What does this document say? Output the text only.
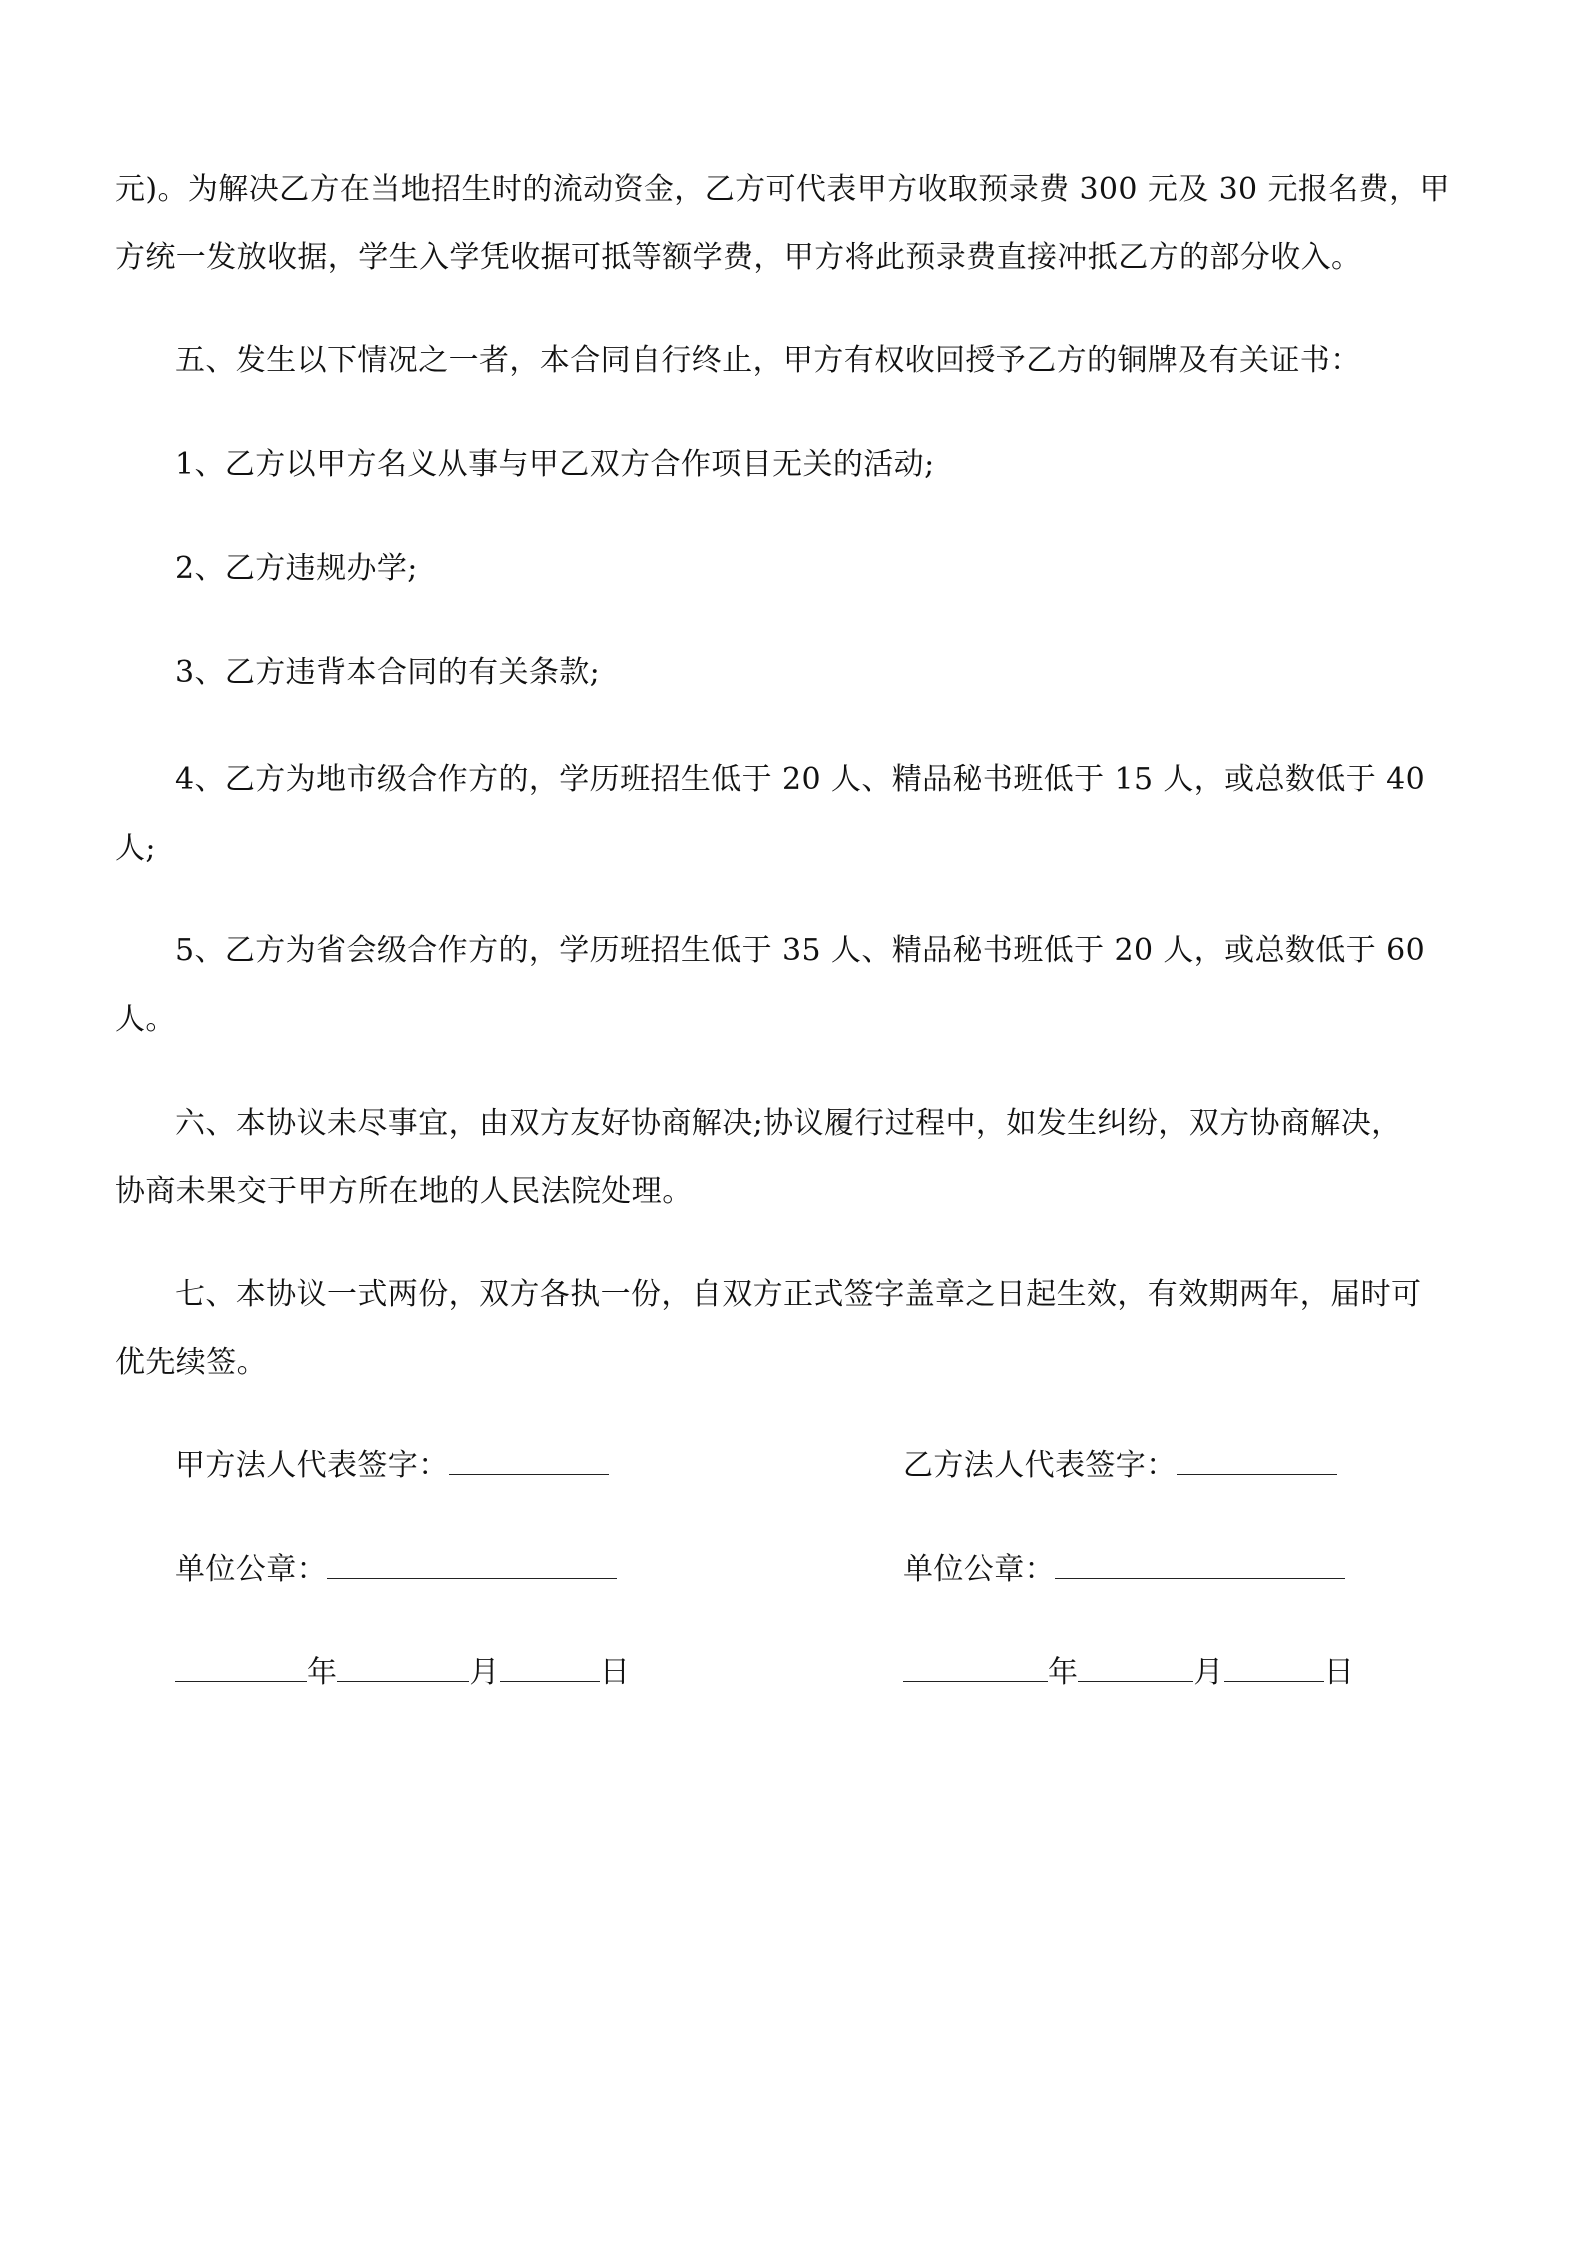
元)。为解决乙方在当地招生时的流动资金，乙方可代表甲方收取预录费 300 元及 30 元报名费，甲
方统一发放收据，学生入学凭收据可抵等额学费，甲方将此预录费直接冲抵乙方的部分收入。
五、发生以下情况之一者，本合同自行终止，甲方有权收回授予乙方的铜牌及有关证书：
1、乙方以甲方名义从事与甲乙双方合作项目无关的活动;
2、乙方违规办学;
3、乙方违背本合同的有关条款;
4、乙方为地市级合作方的，学历班招生低于 20 人、精品秘书班低于 15 人，或总数低于 40
人;
5、乙方为省会级合作方的，学历班招生低于 35 人、精品秘书班低于 20 人，或总数低于 60
人。
六、本协议未尽事宜，由双方友好协商解决;协议履行过程中，如发生纠纷，双方协商解决，
协商未果交于甲方所在地的人民法院处理。
七、本协议一式两份，双方各执一份，自双方正式签字盖章之日起生效，有效期两年，届时可
优先续签。
甲方法人代表签字：
单位公章：
年	月	日
乙方法人代表签字：
单位公章：
年	月	日
